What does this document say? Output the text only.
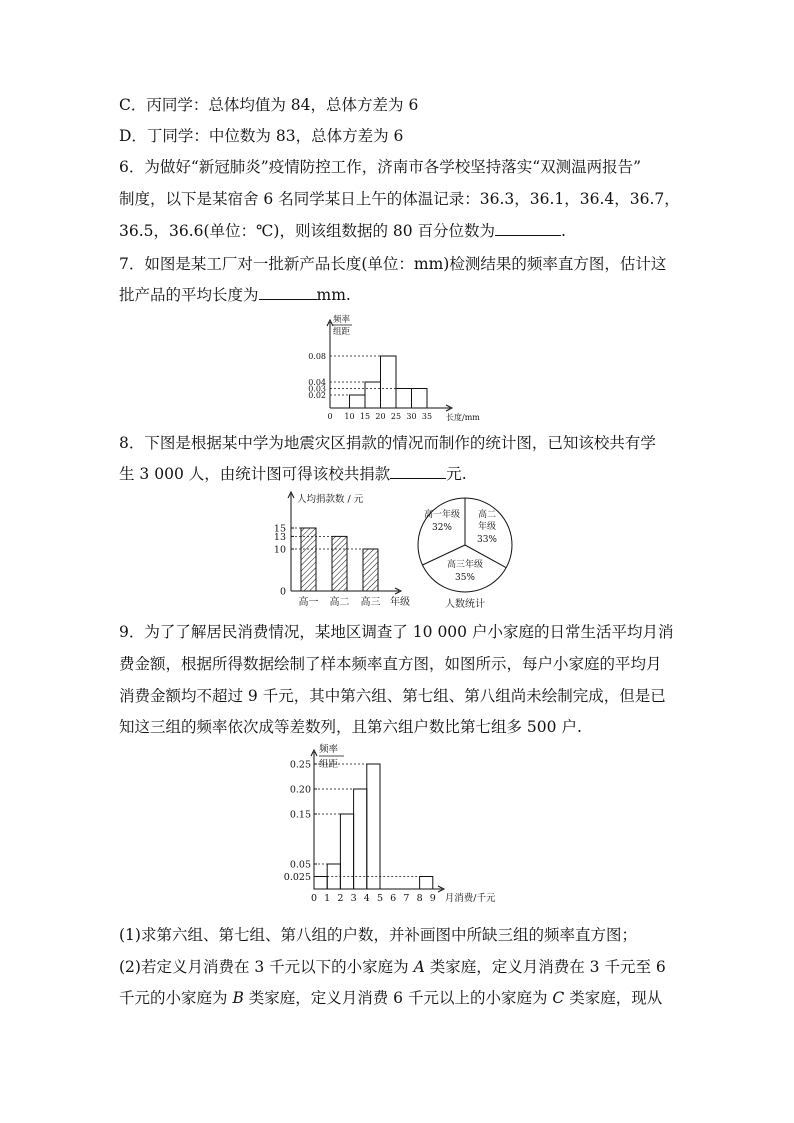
C．丙同学：总体均值为 84，总体方差为 6
D．丁同学：中位数为 83，总体方差为 6
6．为做好“新冠肺炎”疫情防控工作，济南市各学校坚持落实“双测温两报告”
制度，以下是某宿舍 6 名同学某日上午的体温记录：36.3，36.1，36.4，36.7，
36.5，36.6(单位：℃)，则该组数据的 80 百分位数为	.
7．如图是某工厂对一批新产品长度(单位：mm)检测结果的频率直方图，估计这
批产品的平均长度为	mm.
频率
组距
0.02
0.03
0.04
0.08
0 10 15 20 25 30 35 长度/mm
8．下图是根据某中学为地震灾区捐款的情况而制作的统计图，已知该校共有学
生 3 000 人，由统计图可得该校共捐款	元.
人均捐款数 / 元
0
10
13
15
高一 高二 高三 年级
高一年级
32%
高二
年级
33%
高三年级
35%
人数统计
9．为了了解居民消费情况，某地区调查了 10 000 户小家庭的日常生活平均月消
费金额，根据所得数据绘制了样本频率直方图，如图所示，每户小家庭的平均月
消费金额均不超过 9 千元，其中第六组、第七组、第八组尚未绘制完成，但是已
知这三组的频率依次成等差数列，且第六组户数比第七组多 500 户.
频率
组距
0.025
0.05
0.15
0.20
0.25
0 1 2 3 4 5 6 7 8 9 月消费/千元
(1)求第六组、第七组、第八组的户数，并补画图中所缺三组的频率直方图；
(2)若定义月消费在 3 千元以下的小家庭为 A 类家庭，定义月消费在 3 千元至 6
千元的小家庭为 B 类家庭，定义月消费 6 千元以上的小家庭为 C 类家庭，现从
